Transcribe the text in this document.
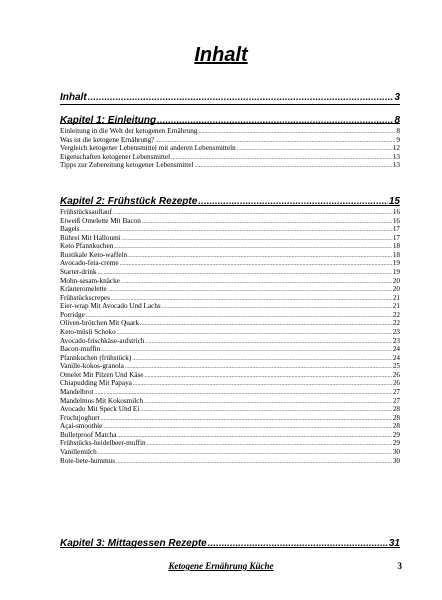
Inhalt
Inhalt .....	3
Kapitel 1: Einleitung .....	8
Einleitung in die Welt der ketogenen Ernährung .....	8
Was ist die ketogene Ernährung? .....	9
Vergleich ketogener Lebensmittel mit anderen Lebensmitteln .....	12
Eigenschaften ketogener Lebensmittel .....	13
Tipps zur Zubereitung ketogener Lebensmittel .....	13
Kapitel 2: Frühstück Rezepte .....	15
Frühstücksauflauf .....	16
Eiweiß Omelette Mit Bacon .....	16
Bagels .....	17
Rühreí Mit Halloumi .....	17
Keto Pfannkuchen .....	18
Rustikale Keto-waffeln .....	18
Avocado-feta-creme .....	19
Starter-drink .....	19
Mohn-sesam-knäcke .....	20
Kräuteromelette .....	20
Frühstückscrepes .....	21
Eier-wrap Mit Avocado Und Lachs .....	21
Porridge .....	22
Oliven-brötchen Mit Quark .....	22
Keto-müsli Schoko .....	23
Avocado-frischkäse-aufstrich .....	23
Bacon-muffin .....	24
Pfannkuchen (frühstück) .....	24
Vanille-kokos-granola .....	25
Omelet Mit Pilzen Und Käse .....	26
Chiapudding Mit Papaya .....	26
Mandelbrot .....	27
Mandelmus Mit Kokosmilch .....	27
Avocado Mit Speck Und Ei .....	28
Fruchtjoghurt .....	28
Açai-smoothie .....	28
Bulletproof Matcha .....	29
Frühstücks-heidelbeer-muffin .....	29
Vanillemilch .....	30
Rote-bete-hummus .....	30
Kapitel 3: Mittagessen Rezepte .....	31
Ketogene Ernährung Küche	3
